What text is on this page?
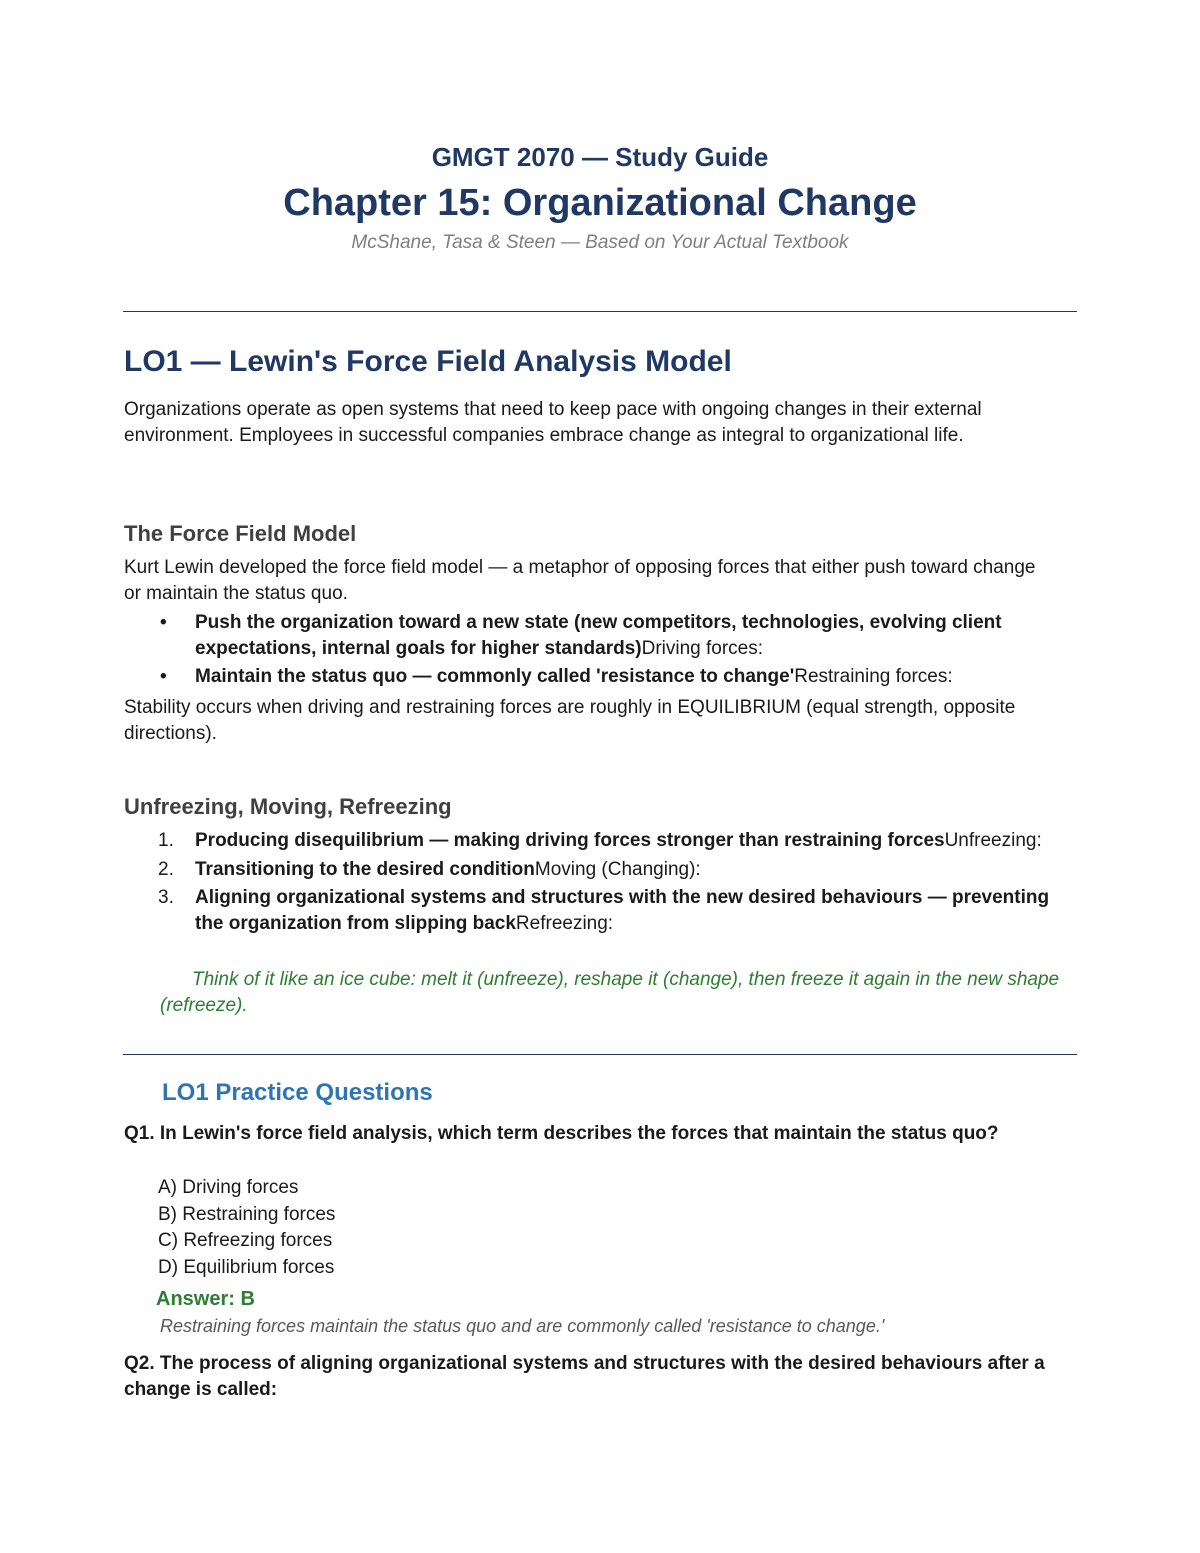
GMGT 2070 — Study Guide
Chapter 15: Organizational Change
McShane, Tasa & Steen — Based on Your Actual Textbook
LO1 — Lewin's Force Field Analysis Model
Organizations operate as open systems that need to keep pace with ongoing changes in their external environment. Employees in successful companies embrace change as integral to organizational life.
The Force Field Model
Kurt Lewin developed the force field model — a metaphor of opposing forces that either push toward change or maintain the status quo.
• Push the organization toward a new state (new competitors, technologies, evolving client expectations, internal goals for higher standards)Driving forces:
• Maintain the status quo — commonly called 'resistance to change'Restraining forces:
Stability occurs when driving and restraining forces are roughly in EQUILIBRIUM (equal strength, opposite directions).
Unfreezing, Moving, Refreezing
1. Producing disequilibrium — making driving forces stronger than restraining forcesUnfreezing:
2. Transitioning to the desired conditionMoving (Changing):
3. Aligning organizational systems and structures with the new desired behaviours — preventing the organization from slipping backRefreezing:
Think of it like an ice cube: melt it (unfreeze), reshape it (change), then freeze it again in the new shape (refreeze).
LO1 Practice Questions
Q1. In Lewin's force field analysis, which term describes the forces that maintain the status quo?
A) Driving forces
B) Restraining forces
C) Refreezing forces
D) Equilibrium forces
Answer: B
Restraining forces maintain the status quo and are commonly called 'resistance to change.'
Q2. The process of aligning organizational systems and structures with the desired behaviours after a change is called:
